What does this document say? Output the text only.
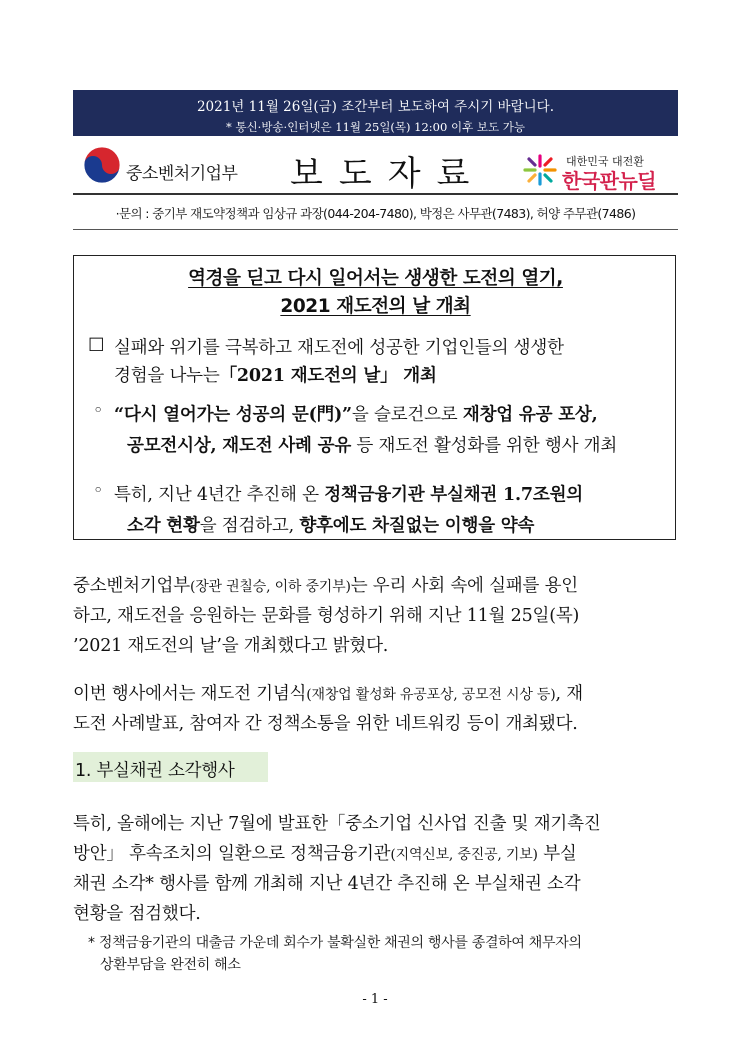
2021년 11월 26일(금) 조간부터 보도하여 주시기 바랍니다.
* 통신·방송·인터넷은 11월 25일(목) 12:00 이후 보도 가능
중소벤처기업부 보도자료	대한민국 대전환
한국판뉴딜
·문의 : 중기부 재도약정책과 임상규 과장(044-204-7480), 박정은 사무관(7483), 허양 주무관(7486)
역경을 딛고 다시 일어서는 생생한 도전의 열기,
2021 재도전의 날 개최
□ 실패와 위기를 극복하고 재도전에 성공한 기업인들의 생생한
경험을 나누는「2021 재도전의 날」 개최
◦ “다시 열어가는 성공의 문(門)”을 슬로건으로 재창업 유공 포상,
공모전시상, 재도전 사례 공유 등 재도전 활성화를 위한 행사 개최
◦ 특히, 지난 4년간 추진해 온 정책금융기관 부실채권 1.7조원의
소각 현황을 점검하고, 향후에도 차질없는 이행을 약속
중소벤처기업부(장관 권칠승, 이하 중기부)는 우리 사회 속에 실패를 용인
하고, 재도전을 응원하는 문화를 형성하기 위해 지난 11월 25일(목)
’2021 재도전의 날’을 개최했다고 밝혔다.
이번 행사에서는 재도전 기념식(재창업 활성화 유공포상, 공모전 시상 등), 재
도전 사례발표, 참여자 간 정책소통을 위한 네트워킹 등이 개최됐다.
1. 부실채권 소각행사
특히, 올해에는 지난 7월에 발표한「중소기업 신사업 진출 및 재기촉진
방안」 후속조치의 일환으로 정책금융기관(지역신보, 중진공, 기보) 부실
채권 소각* 행사를 함께 개최해 지난 4년간 추진해 온 부실채권 소각
현황을 점검했다.
* 정책금융기관의 대출금 가운데 회수가 불확실한 채권의 행사를 종결하여 채무자의
상환부담을 완전히 해소
- 1 -
